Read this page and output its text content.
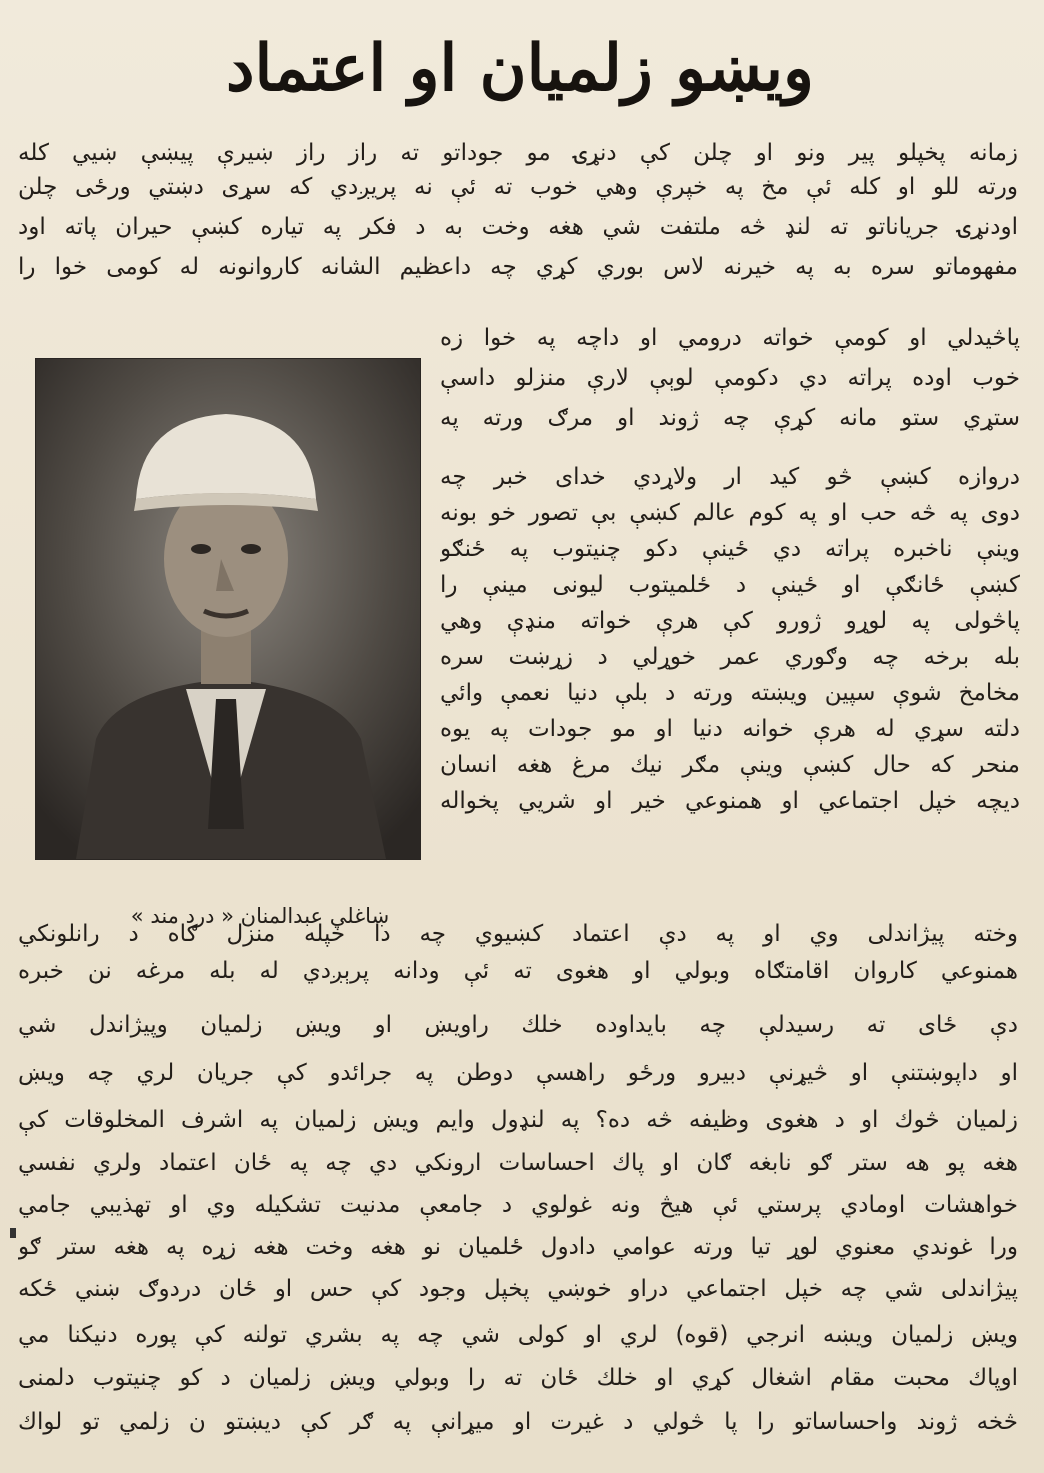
ویښو زلمیان او اعتماد
زمانه پخپلو پیر ونو او چلن کې دنړۍ مو جوداتو ته راز راز ښیرې پیښې ښيي کله
ورته للو او کله ئې مخ په خپرې وهي خوب ته ئې نه پریږدي که سړی دښتي ورځی چلن
اودنړۍ جریاناتو ته لنډ څه ملتفت شي هغه وخت به د فکر په تیاره کښې حیران پاته اود
مفهوماتو سره به په خیرنه لاس بوري کړي چه داعظیم الشانه کاروانونه له کومی خوا را
پاڅیدلي او کومې خواته درومي او داچه په خوا زه
خوب اوده پراته دي دکومې لوېې لارې منزلو داسې
ستړي ستو مانه کړې چه ژوند او مرګ ورته په
دروازه کښې څو کید ار ولاړدي خدای خبر چه
دوی په څه حب او په کوم عالم کښې بې تصور خو بونه
وینې ناخبره پراته دي ځینې دکو چنیتوب په ځنګو
کښې ځانګې او ځینې د ځلمیتوب لیونی مینې را
پاڅولی په لوړو ژورو کې هرې خواته منډې وهي
بله برخه چه وګوري عمر خوړلي د زړښت سره
مخامخ شوې سپین ویښته ورته د بلې دنیا نعمې وائي
دلته سړي له هرې خوانه دنیا او مو جودات په یوه
منحر که حال کښې وینې مګر نیك مرغ هغه انسان
دیچه خپل اجتماعي او همنوعي خیر او شريي پخواله
ښاغلي عبدالمنان « درد مند »
وخته پیژاندلی وي او په دې اعتماد کښیوي چه دا خپله منزل ګاه د رانلونکي
همنوعي کاروان اقامتګاه وبولي او هغوی ته ئې ودانه پرېږدي له بله مرغه نن خبره
دې ځای ته رسیدلې چه بایداوده خلك راويښ او ويښ زلميان وپيژاندل شي
او داپوښتنې او څیړنې دبیرو ورځو راهسې دوطن په جرائدو کې جریان لري چه ويښ
زلميان څوك او د هغوی وظیفه څه ده؟ په لنډول وایم ويښ زلميان په اشرف المخلوقات کې
هغه پو هه ستر ګو نابغه ګان او پاك احساسات ارونکي دي چه په ځان اعتماد ولري نفسي
خواهشات اومادي پرستي ئې هيڅ ونه غولوي د جامعې مدنیت تشکیله وي او تهذیبي جامي
ورا غوندي معنوي لوړ تیا ورته عوامي دادول ځلمیان نو هغه وخت هغه زړه په هغه ستر ګو
پیژاندلی شي چه خپل اجتماعي دراو خوښي پخپل وجود کې حس او ځان دردوګ ښني ځکه
ویښ زلمیان ویښه انرجي (قوه) لري او کولی شي چه په بشري تولنه کې پوره دنیکنا مي
اوپاك محبت مقام اشغال کړي او خلك ځان ته را وبولي ویښ زلمیان د کو چنیتوب دلمنی
څخه ژوند واحساساتو را پا څولي د غیرت او میړانې په ګر کې ديښتو ن زلمي تو لواك
